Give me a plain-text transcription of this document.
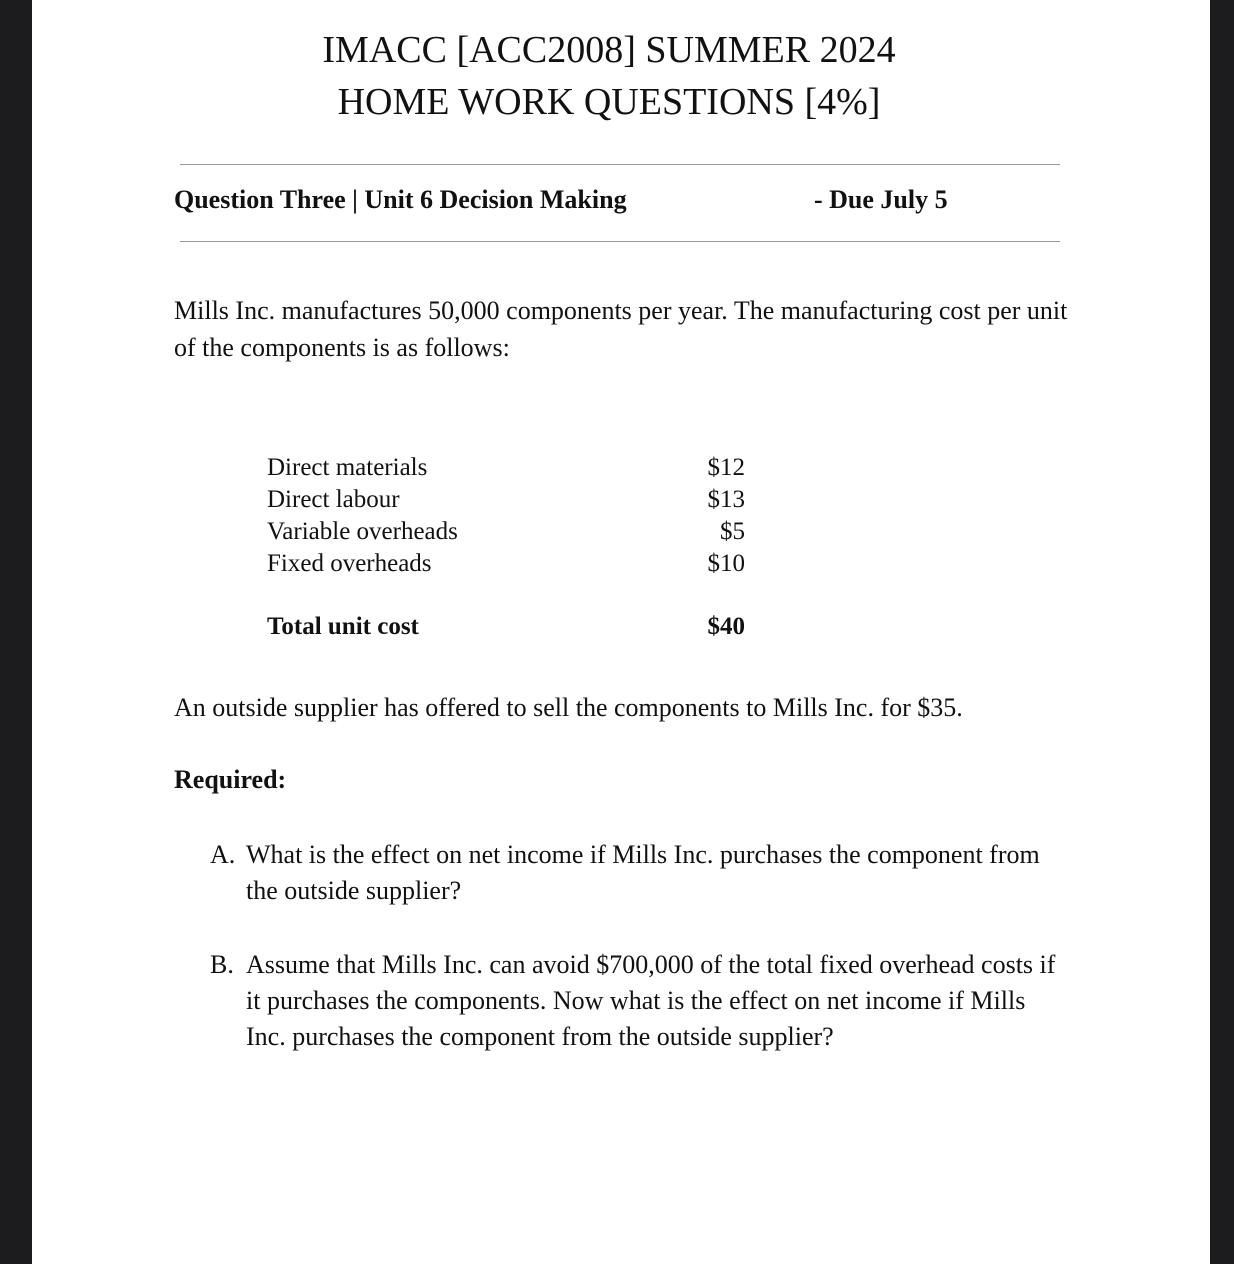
IMACC [ACC2008] SUMMER 2024
HOME WORK QUESTIONS [4%]
Question Three | Unit 6 Decision Making	- Due July 5

Mills Inc. manufactures 50,000 components per year. The manufacturing cost per unit of the components is as follows:

Direct materials	$12
Direct labour	$13
Variable overheads	$5
Fixed overheads	$10
Total unit cost	$40

An outside supplier has offered to sell the components to Mills Inc. for $35.

Required:
A. What is the effect on net income if Mills Inc. purchases the component from the outside supplier?
B. Assume that Mills Inc. can avoid $700,000 of the total fixed overhead costs if it purchases the components. Now what is the effect on net income if Mills Inc. purchases the component from the outside supplier?
